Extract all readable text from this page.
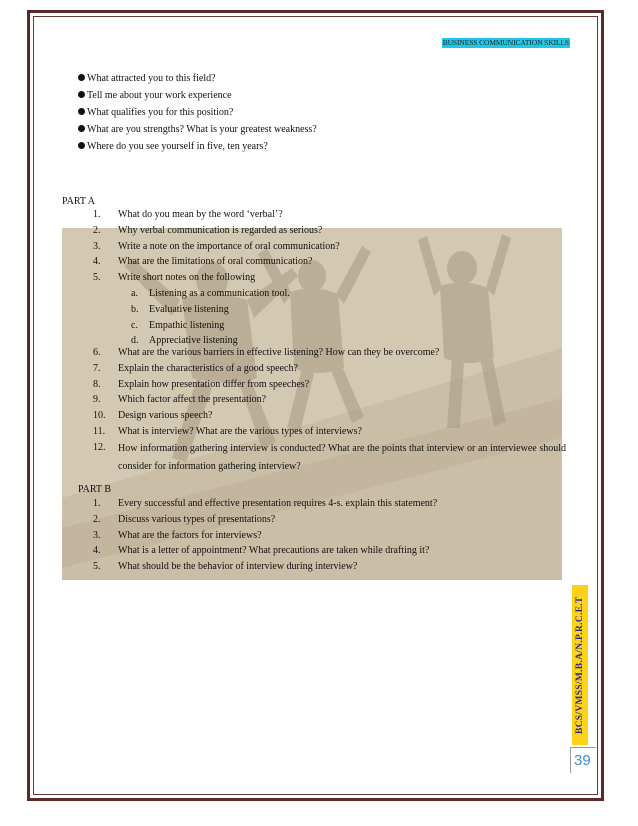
BUSINESS COMMUNICATION SKILLS
What attracted you to this field?
Tell me about your work experience
What qualifies you for this position?
What are you strengths? What is your greatest weakness?
Where do you see yourself in five, ten years?
PART A
1. What do you mean by the word ‘verbal’?
2. Why verbal communication is regarded as serious?
3. Write a note on the importance of oral communication?
4. What are the limitations of oral communication?
5. Write short notes on the following
a. Listening as a communication tool.
b. Evaluative listening
c. Empathic listening
d. Appreciative listening
6. What are the various barriers in effective listening? How can they be overcome?
7. Explain the characteristics of a good speech?
8. Explain how presentation differ from speeches?
9. Which factor affect the presentation?
10. Design various speech?
11. What is interview? What are the various types of interviews?
12. How information gathering interview is conducted? What are the points that interview or an interviewee should consider for information gathering interview?
PART B
1. Every successful and effective presentation requires 4-s. explain this statement?
2. Discuss various types of presentations?
3. What are the factors for interviews?
4. What is a letter of appointment? What precautions are taken while drafting it?
5. What should be the behavior of interview during interview?
BCS/VMSS/M.B.A/N.P.R.C.E.T
39
